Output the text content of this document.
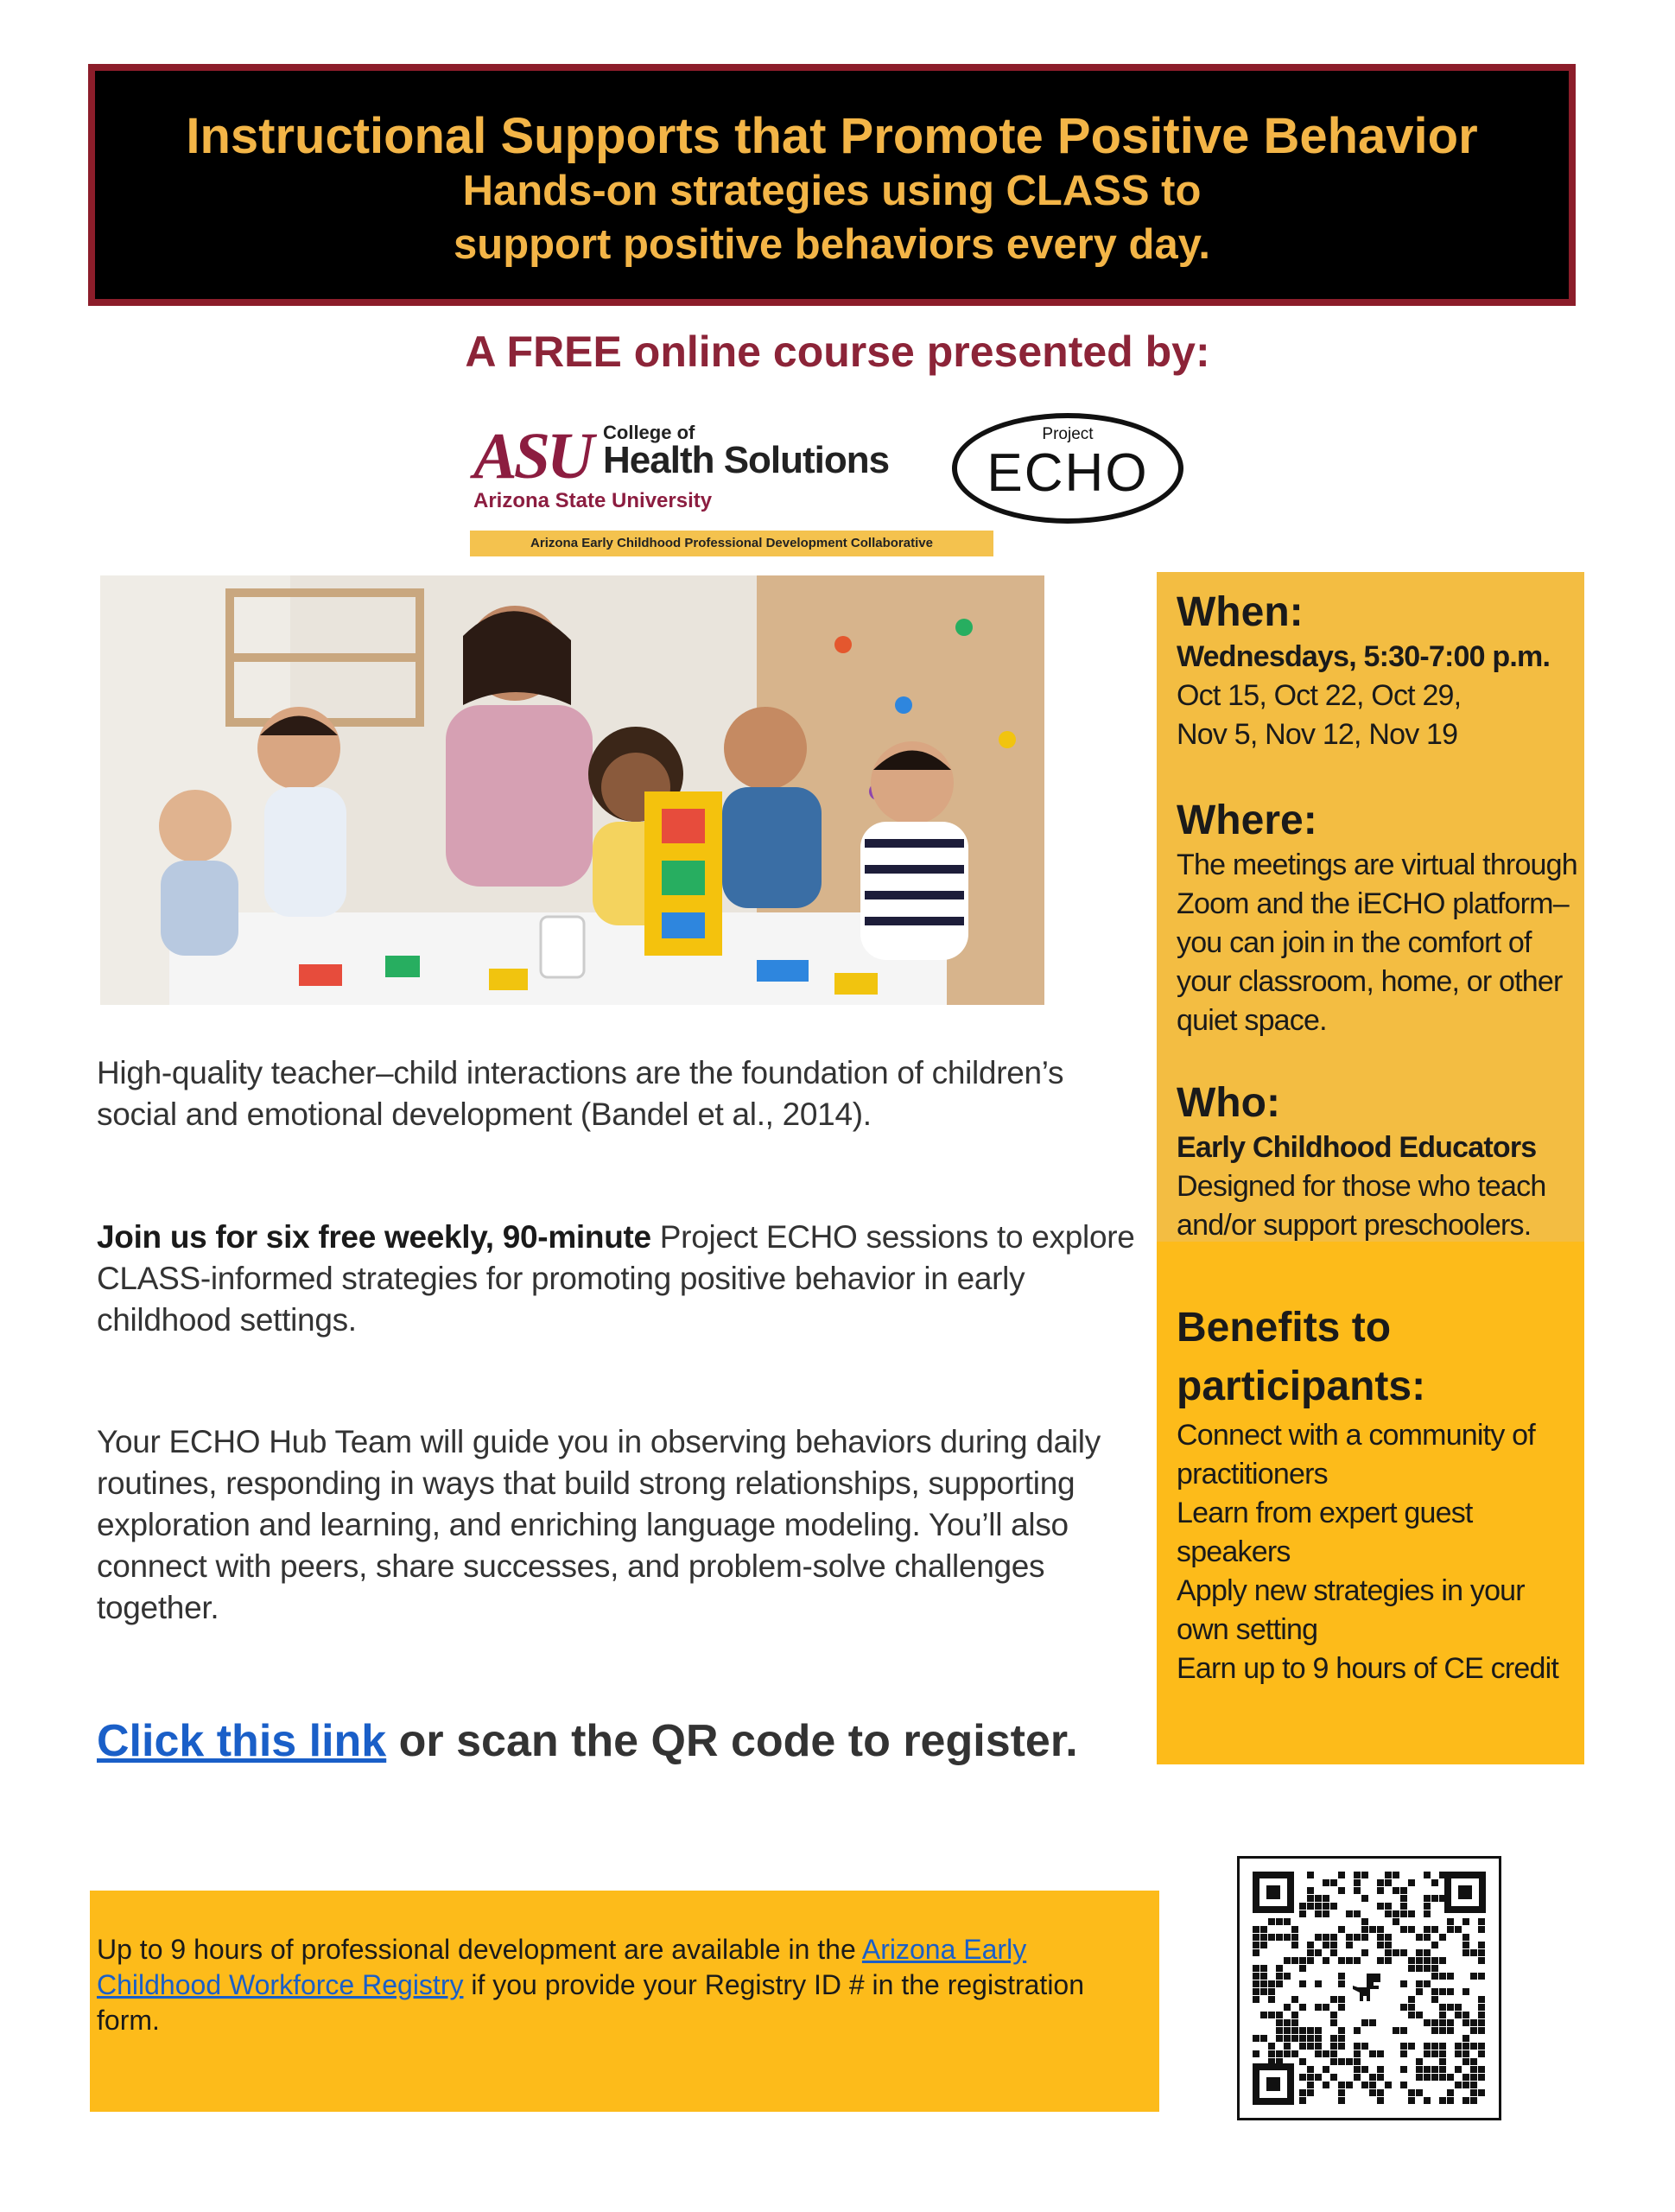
Instructional Supports that Promote Positive Behavior
Hands-on strategies using CLASS to
support positive behaviors every day.
A FREE online course presented by:
ASU College of
Health Solutions
Arizona State University
Project
ECHO
Arizona Early Childhood Professional Development Collaborative
When:
Wednesdays, 5:30-7:00 p.m.
Oct 15, Oct 22, Oct 29,
Nov 5, Nov 12, Nov 19
Where:
The meetings are virtual through Zoom and the iECHO platform– you can join in the comfort of your classroom, home, or other quiet space.
Who:
Early Childhood Educators
Designed for those who teach and/or support preschoolers.
Benefits to participants:
Connect with a community of practitioners
Learn from expert guest speakers
Apply new strategies in your own setting
Earn up to 9 hours of CE credit
High-quality teacher–child interactions are the foundation of children’s social and emotional development (Bandel et al., 2014).
Join us for six free weekly, 90-minute Project ECHO sessions to explore CLASS-informed strategies for promoting positive behavior in early childhood settings.
Your ECHO Hub Team will guide you in observing behaviors during daily routines, responding in ways that build strong relationships, supporting exploration and learning, and enriching language modeling. You’ll also connect with peers, share successes, and problem-solve challenges together.
Click this link or scan the QR code to register.
Up to 9 hours of professional development are available in the Arizona Early Childhood Workforce Registry if you provide your Registry ID # in the registration form.
